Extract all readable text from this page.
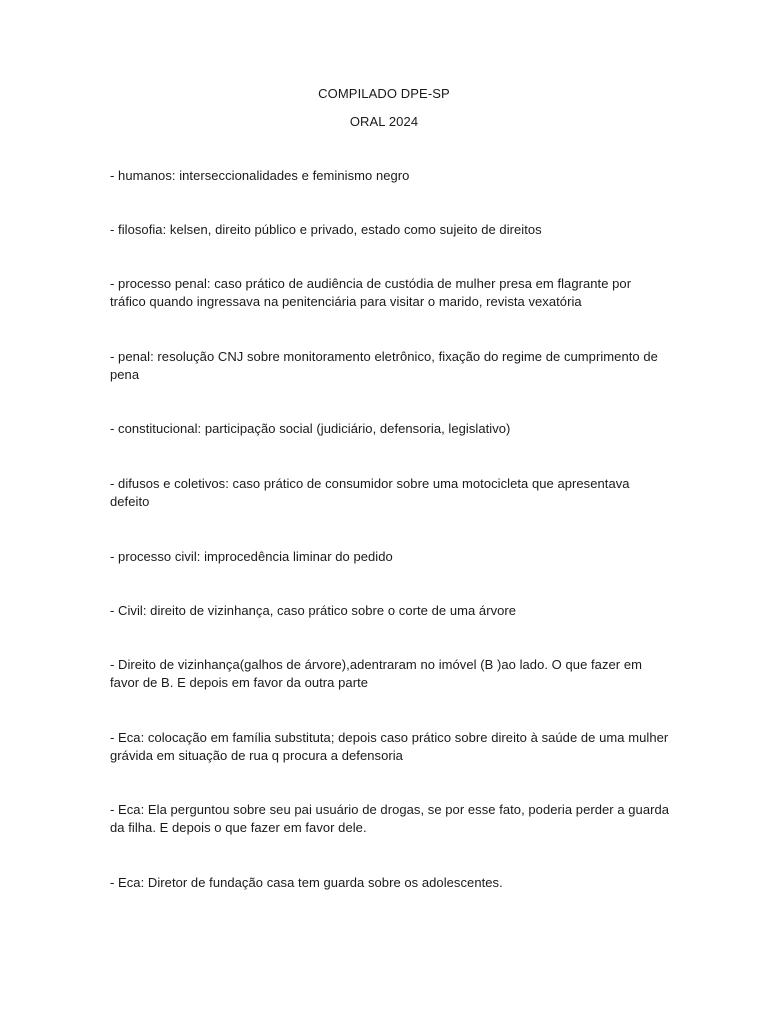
COMPILADO DPE-SP
ORAL 2024
- humanos: interseccionalidades e feminismo negro
- filosofia: kelsen, direito público e privado, estado como sujeito de direitos
- processo penal: caso prático de audiência de custódia de mulher presa em flagrante por tráfico quando ingressava na penitenciária para visitar o marido, revista vexatória
- penal: resolução CNJ sobre monitoramento eletrônico, fixação do regime de cumprimento de pena
- constitucional: participação social (judiciário, defensoria, legislativo)
- difusos e coletivos: caso prático de consumidor sobre uma motocicleta que apresentava defeito
- processo civil: improcedência liminar do pedido
- Civil: direito de vizinhança, caso prático sobre o corte de uma árvore
- Direito de vizinhança(galhos de árvore),adentraram no imóvel (B )ao lado. O que fazer em favor de B. E depois em favor da outra parte
- Eca: colocação em família substituta; depois caso prático sobre direito à saúde de uma mulher grávida em situação de rua q procura a defensoria
- Eca: Ela perguntou sobre seu pai usuário de drogas, se por esse fato, poderia perder a guarda da filha. E depois o que fazer em favor dele.
- Eca: Diretor de fundação casa tem guarda sobre os adolescentes.
